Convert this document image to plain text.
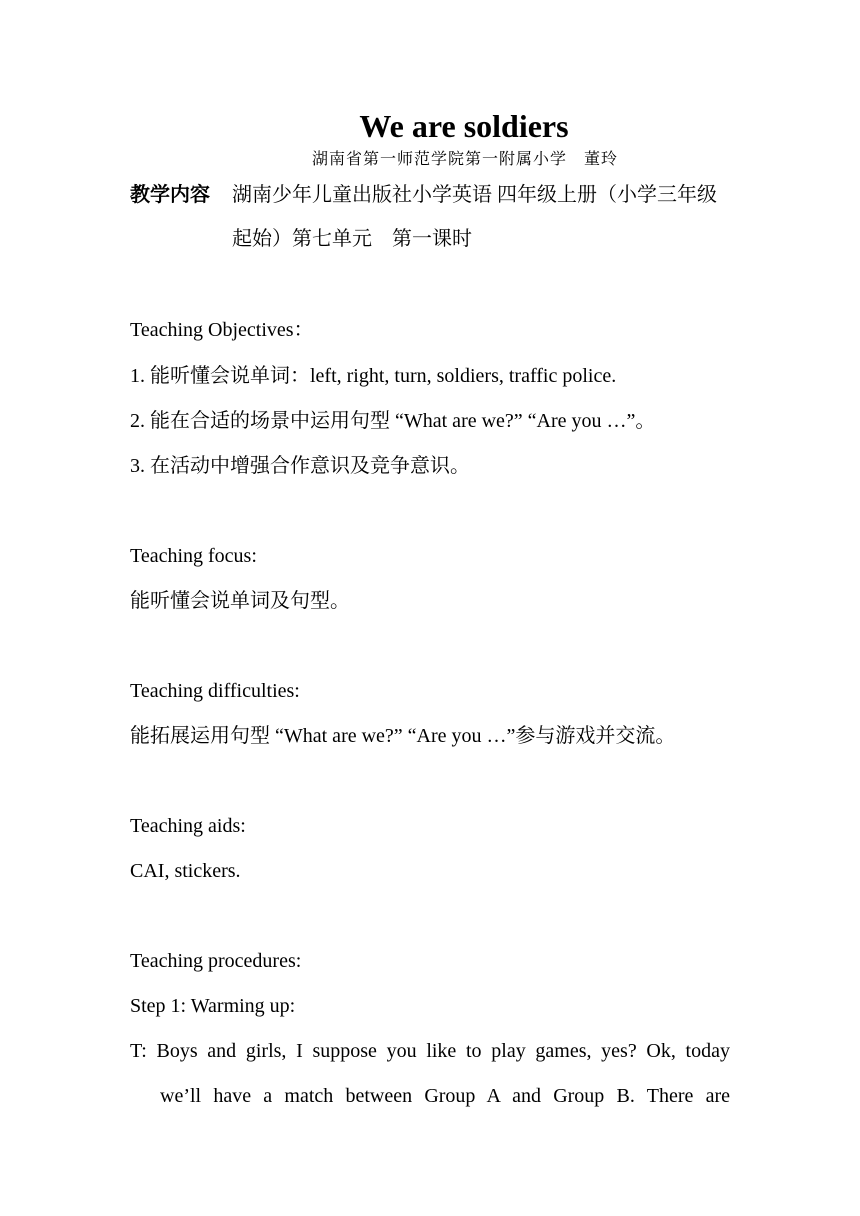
We are soldiers
湖南省第一师范学院第一附属小学　董玲
教学内容 湖南少年儿童出版社小学英语 四年级上册（小学三年级
起始）第七单元　第一课时
Teaching Objectives：
1. 能听懂会说单词：left, right, turn, soldiers, traffic police.
2. 能在合适的场景中运用句型 “What are we?” “Are you …”。
3. 在活动中增强合作意识及竞争意识。
Teaching focus:
能听懂会说单词及句型。
Teaching difficulties:
能拓展运用句型 “What are we?” “Are you …”参与游戏并交流。
Teaching aids:
CAI, stickers.
Teaching procedures:
Step 1: Warming up:
T: Boys and girls, I suppose you like to play games, yes? Ok, today
we’ll have a match between Group A and Group B. There are
